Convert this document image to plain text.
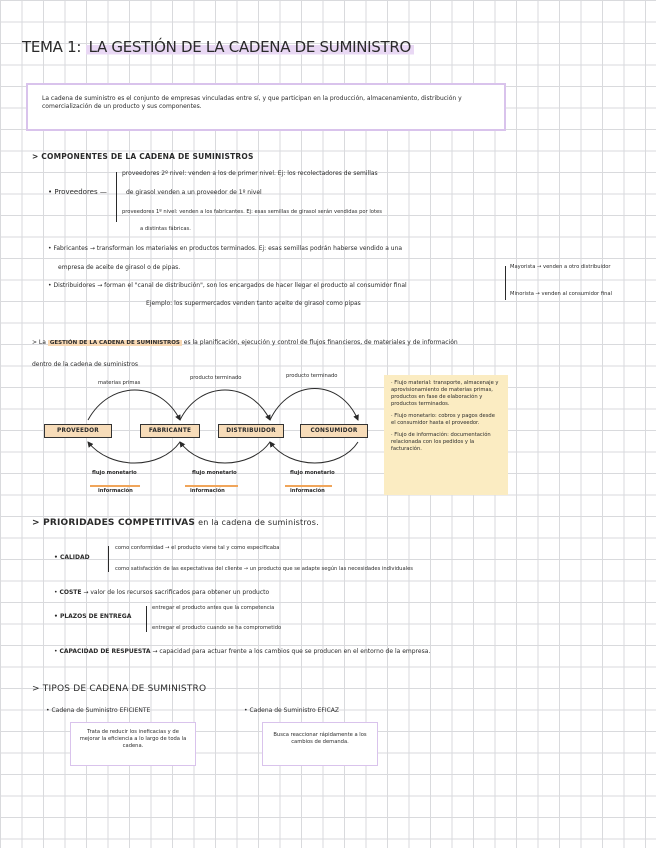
TEMA 1: LA GESTIÓN DE LA CADENA DE SUMINISTRO
La cadena de suministro es el conjunto de empresas vinculadas entre sí, y que participan en la producción, almacenamiento, distribución y comercialización de un producto y sus componentes.
> COMPONENTES DE LA CADENA DE SUMINISTROS
• Proveedores —
proveedores 2º nivel: venden a los de primer nivel. Ej: los recolectadores de semillas
de girasol venden a un proveedor de 1º nivel
proveedores 1º nivel: venden a los fabricantes. Ej: esas semillas de girasol serán vendidas por lotes
a distintas fábricas.
• Fabricantes → transforman los materiales en productos terminados. Ej: esas semillas podrán haberse vendido a una
empresa de aceite de girasol o de pipas.
• Distribuidores → forman el "canal de distribución", son los encargados de hacer llegar el producto al consumidor final
Ejemplo: los supermercados venden tanto aceite de girasol como pipas
Mayorista → venden a otro distribuidor
Minorista → venden al consumidor final
> La GESTIÓN DE LA CADENA DE SUMINISTROS es la planificación, ejecución y control de flujos financieros, de materiales y de información
dentro de la cadena de suministros
materias primas
producto terminado	producto terminado
PROVEEDOR	FABRICANTE	DISTRIBUIDOR	CONSUMIDOR
flujo monetario	flujo monetario	flujo monetario
información	información	información
· Flujo material: transporte, almacenaje y aprovisionamiento de materias primas, productos en fase de elaboración y productos terminados.
· Flujo monetario: cobros y pagos desde el consumidor hasta el proveedor.
· Flujo de información: documentación relacionada con los pedidos y la facturación.
> PRIORIDADES COMPETITIVAS en la cadena de suministros.
• CALIDAD
como conformidad → el producto viene tal y como especificaba
como satisfacción de las expectativas del cliente → un producto que se adapte según las necesidades individuales
• COSTE → valor de los recursos sacrificados para obtener un producto
• PLAZOS DE ENTREGA
entregar el producto antes que la competencia
entregar el producto cuando se ha comprometido
• CAPACIDAD DE RESPUESTA → capacidad para actuar frente a los cambios que se producen en el entorno de la empresa.
> TIPOS DE CADENA DE SUMINISTRO
• Cadena de Suministro EFICIENTE
Trata de reducir los ineficacias y de mejorar la eficiencia a lo largo de toda la cadena.
• Cadena de Suministro EFICAZ
Busca reaccionar rápidamente a los cambios de demanda.
